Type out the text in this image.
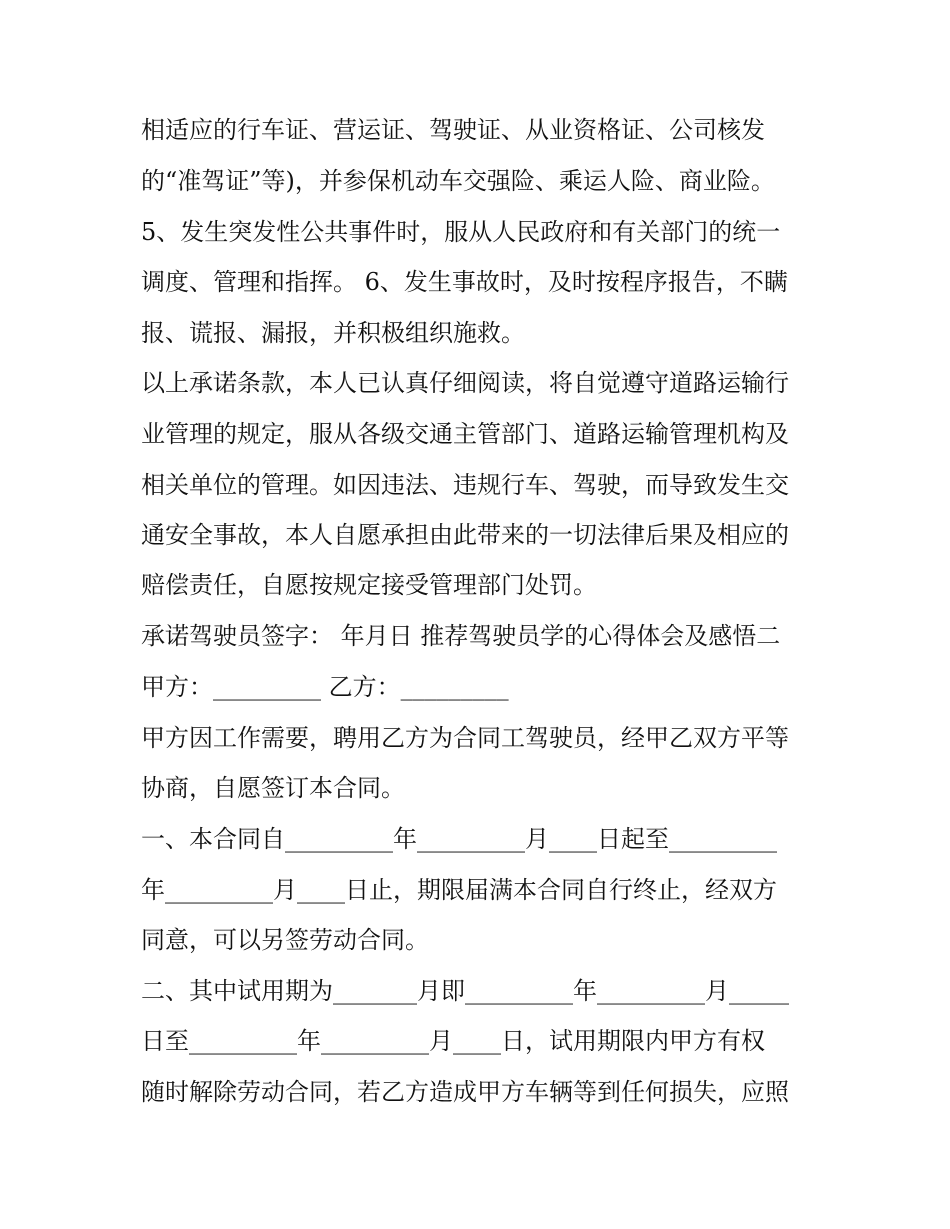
相适应的行车证、营运证、驾驶证、从业资格证、公司核发
的“准驾证”等)，并参保机动车交强险、乘运人险、商业险。
5、发生突发性公共事件时，服从人民政府和有关部门的统一
调度、管理和指挥。 6、发生事故时，及时按程序报告，不瞒
报、谎报、漏报，并积极组织施救。
以上承诺条款，本人已认真仔细阅读，将自觉遵守道路运输行
业管理的规定，服从各级交通主管部门、道路运输管理机构及
相关单位的管理。如因违法、违规行车、驾驶，而导致发生交
通安全事故，本人自愿承担由此带来的一切法律后果及相应的
赔偿责任，自愿按规定接受管理部门处罚。
承诺驾驶员签字： 年月日 推荐驾驶员学的心得体会及感悟二
甲方：_________ 乙方：_________
甲方因工作需要，聘用乙方为合同工驾驶员，经甲乙双方平等
协商，自愿签订本合同。
一、本合同自_________年_________月____日起至_________
年_________月____日止，期限届满本合同自行终止，经双方
同意，可以另签劳动合同。
二、其中试用期为_______月即_________年_________月_____
日至_________年_________月____日，试用期限内甲方有权
随时解除劳动合同，若乙方造成甲方车辆等到任何损失，应照
